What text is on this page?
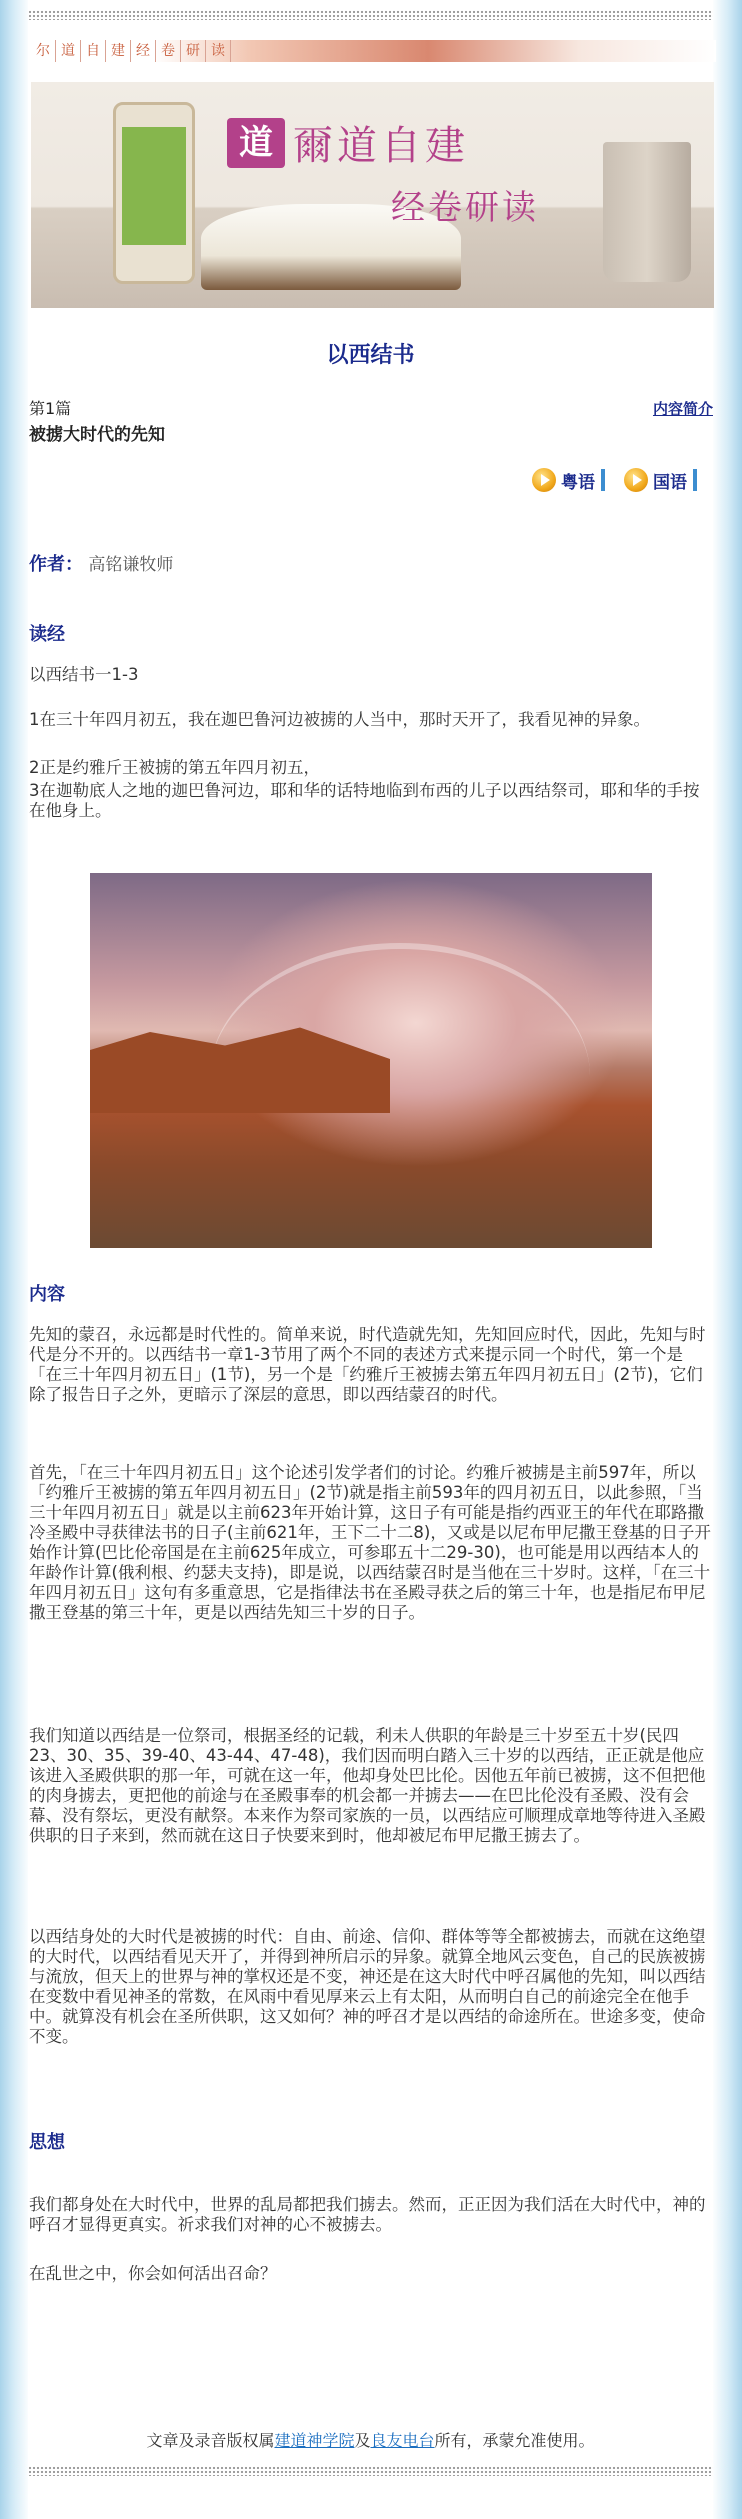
尔 道 自 建 经 卷 研 读
道 爾道自建
经卷研读
以西结书
第1篇
被掳大时代的先知
内容简介
粤语	国语
作者： 高铭谦牧师
读经

以西结书一1-3

1在三十年四月初五，我在迦巴鲁河边被掳的人当中，那时天开了，我看见神的异象。

2正是约雅斤王被掳的第五年四月初五，

3在迦勒底人之地的迦巴鲁河边，耶和华的话特地临到布西的儿子以西结祭司，耶和华的手按在他身上。

内容

先知的蒙召，永远都是时代性的。简单来说，时代造就先知，先知回应时代，因此，先知与时代是分不开的。以西结书一章1-3节用了两个不同的表述方式来提示同一个时代，第一个是「在三十年四月初五日」(1节)，另一个是「约雅斤王被掳去第五年四月初五日」(2节)，它们除了报告日子之外，更暗示了深层的意思，即以西结蒙召的时代。

首先，「在三十年四月初五日」这个论述引发学者们的讨论。约雅斤被掳是主前597年，所以「约雅斤王被掳的第五年四月初五日」(2节)就是指主前593年的四月初五日，以此参照，「当三十年四月初五日」就是以主前623年开始计算，这日子有可能是指约西亚王的年代在耶路撒冷圣殿中寻获律法书的日子(主前621年，王下二十二8)，又或是以尼布甲尼撒王登基的日子开始作计算(巴比伦帝国是在主前625年成立，可参耶五十二29-30)，也可能是用以西结本人的年龄作计算(俄利根、约瑟夫支持)，即是说，以西结蒙召时是当他在三十岁时。这样，「在三十年四月初五日」这句有多重意思，它是指律法书在圣殿寻获之后的第三十年，也是指尼布甲尼撒王登基的第三十年，更是以西结先知三十岁的日子。

我们知道以西结是一位祭司，根据圣经的记载，利未人供职的年龄是三十岁至五十岁(民四23、30、35、39-40、43-44、47-48)，我们因而明白踏入三十岁的以西结，正正就是他应该进入圣殿供职的那一年，可就在这一年，他却身处巴比伦。因他五年前已被掳，这不但把他的肉身掳去，更把他的前途与在圣殿事奉的机会都一并掳去——在巴比伦没有圣殿、没有会幕、没有祭坛，更没有献祭。本来作为祭司家族的一员，以西结应可顺理成章地等待进入圣殿供职的日子来到，然而就在这日子快要来到时，他却被尼布甲尼撒王掳去了。

以西结身处的大时代是被掳的时代：自由、前途、信仰、群体等等全都被掳去，而就在这绝望的大时代，以西结看见天开了，并得到神所启示的异象。就算全地风云变色，自己的民族被掳与流放，但天上的世界与神的掌权还是不变，神还是在这大时代中呼召属他的先知，叫以西结在变数中看见神圣的常数，在风雨中看见厚来云上有太阳，从而明白自己的前途完全在他手中。就算没有机会在圣所供职，这又如何？神的呼召才是以西结的命途所在。世途多变，使命不变。

思想

我们都身处在大时代中，世界的乱局都把我们掳去。然而，正正因为我们活在大时代中，神的呼召才显得更真实。祈求我们对神的心不被掳去。

在乱世之中，你会如何活出召命？

文章及录音版权属建道神学院及良友电台所有，承蒙允准使用。
